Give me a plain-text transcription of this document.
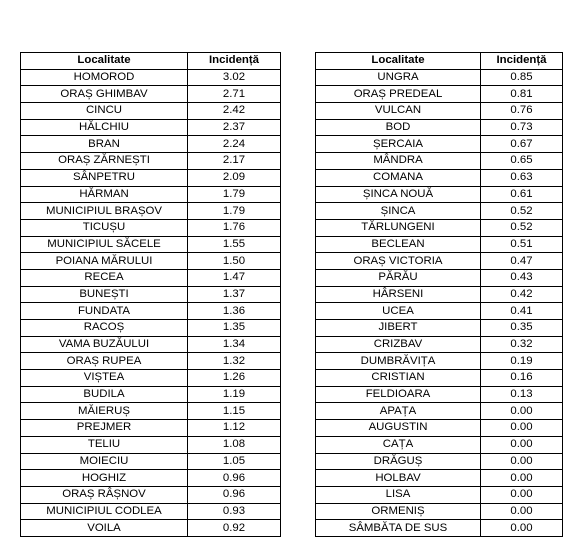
Localitate	Incidență
HOMOROD	3.02
ORAȘ GHIMBAV	2.71
CINCU	2.42
HĂLCHIU	2.37
BRAN	2.24
ORAȘ ZĂRNEȘTI	2.17
SÂNPETRU	2.09
HĂRMAN	1.79
MUNICIPIUL BRAȘOV	1.79
TICUȘU	1.76
MUNICIPIUL SĂCELE	1.55
POIANA MĂRULUI	1.50
RECEA	1.47
BUNEȘTI	1.37
FUNDATA	1.36
RACOȘ	1.35
VAMA BUZĂULUI	1.34
ORAȘ RUPEA	1.32
VIȘTEA	1.26
BUDILA	1.19
MĂIERUȘ	1.15
PREJMER	1.12
TELIU	1.08
MOIECIU	1.05
HOGHIZ	0.96
ORAȘ RÂȘNOV	0.96
MUNICIPIUL CODLEA	0.93
VOILA	0.92
Localitate	Incidență
UNGRA	0.85
ORAȘ PREDEAL	0.81
VULCAN	0.76
BOD	0.73
ȘERCAIA	0.67
MÂNDRA	0.65
COMANA	0.63
ȘINCA NOUĂ	0.61
ȘINCA	0.52
TĂRLUNGENI	0.52
BECLEAN	0.51
ORAȘ VICTORIA	0.47
PĂRĂU	0.43
HÂRSENI	0.42
UCEA	0.41
JIBERT	0.35
CRIZBAV	0.32
DUMBRĂVIȚA	0.19
CRISTIAN	0.16
FELDIOARA	0.13
APAȚA	0.00
AUGUSTIN	0.00
CAȚA	0.00
DRĂGUȘ	0.00
HOLBAV	0.00
LISA	0.00
ORMENIȘ	0.00
SÂMBĂTA DE SUS	0.00
